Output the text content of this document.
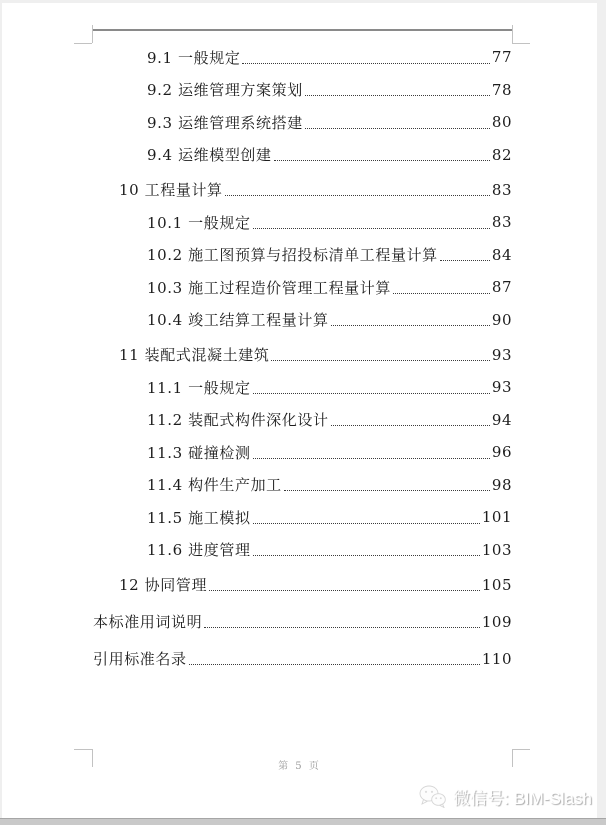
9.1 一般规定	77
9.2 运维管理方案策划	78
9.3 运维管理系统搭建	80
9.4 运维模型创建	82
10 工程量计算	83
10.1 一般规定	83
10.2 施工图预算与招投标清单工程量计算	84
10.3 施工过程造价管理工程量计算	87
10.4 竣工结算工程量计算	90
11 装配式混凝土建筑	93
11.1 一般规定	93
11.2 装配式构件深化设计	94
11.3 碰撞检测	96
11.4 构件生产加工	98
11.5 施工模拟	101
11.6 进度管理	103
12 协同管理	105
本标准用词说明	109
引用标准名录	110
第 5 页
微信号: BIM-Slash
